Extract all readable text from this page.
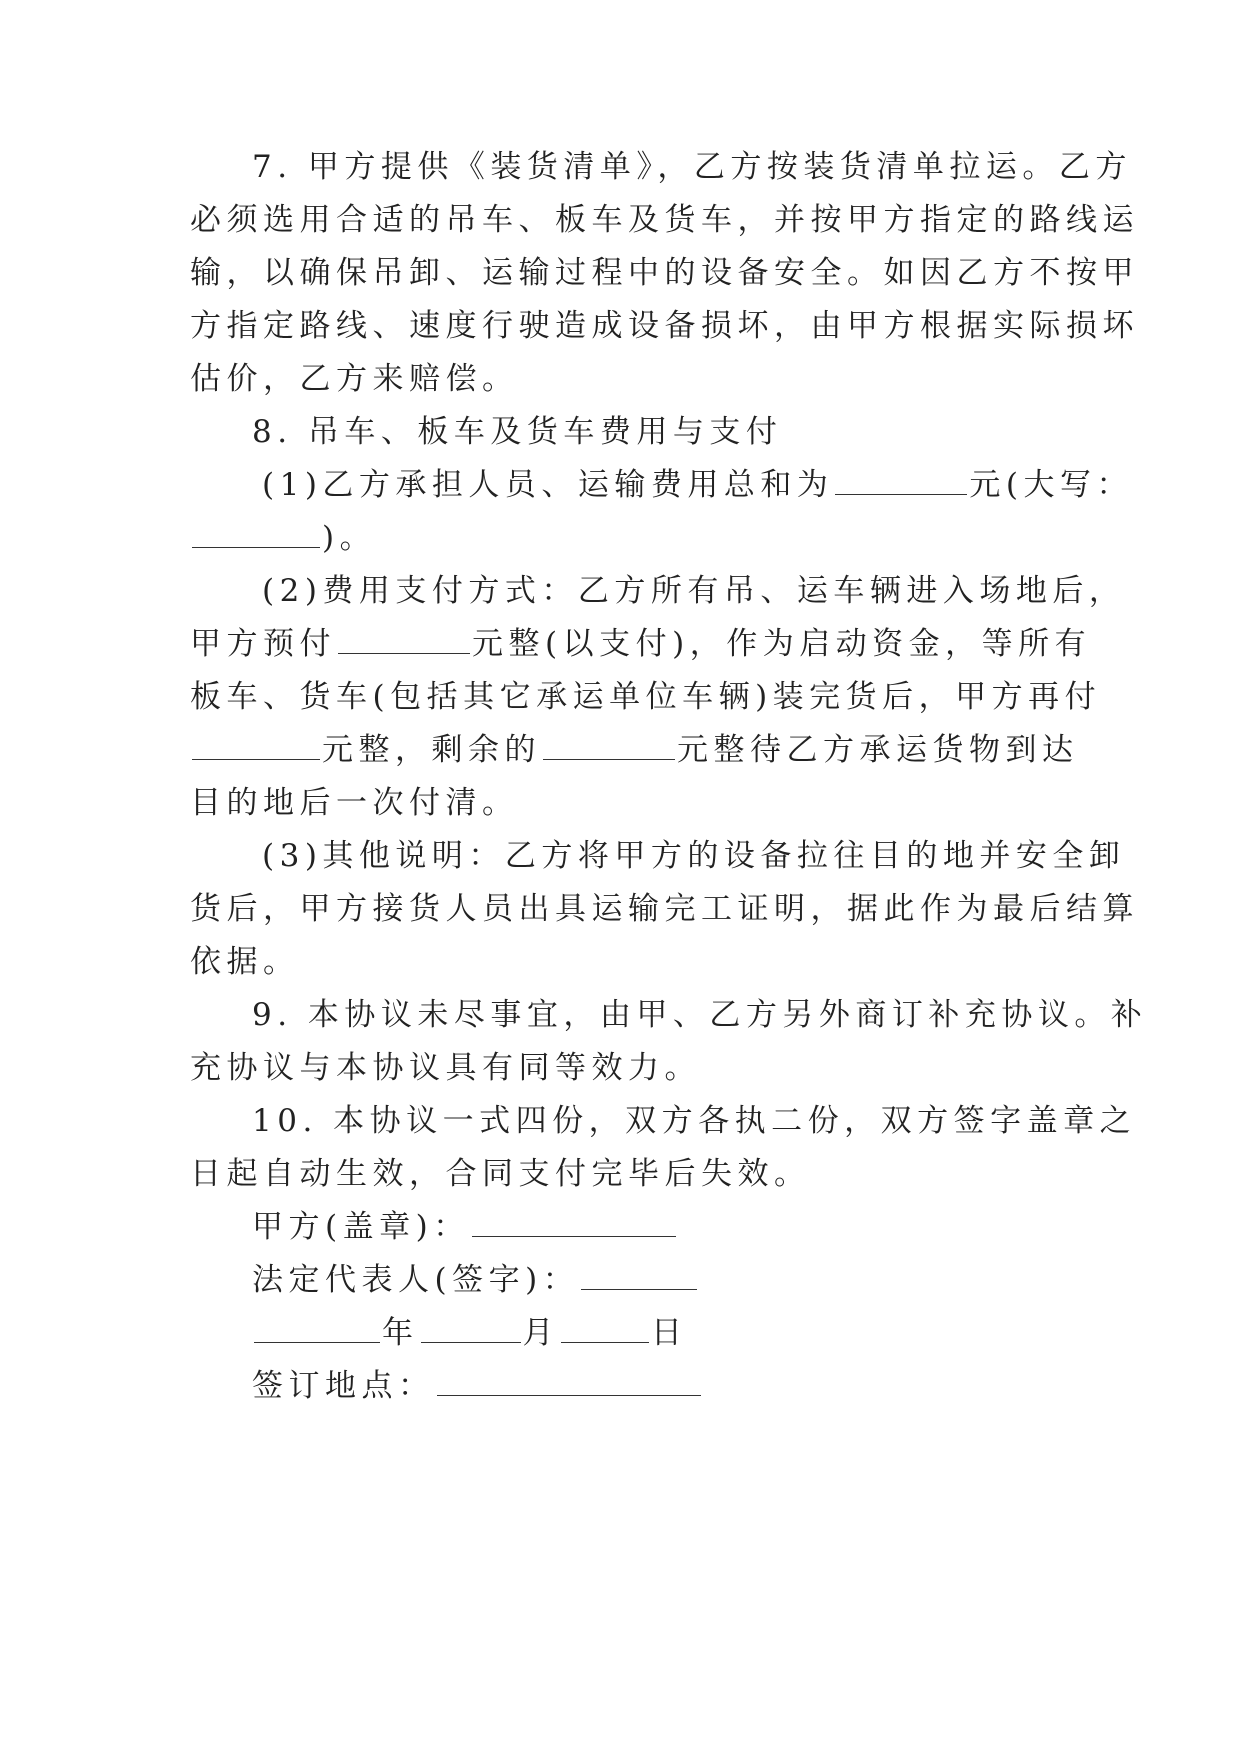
7. 甲方提供《装货清单》，乙方按装货清单拉运。乙方
必须选用合适的吊车、板车及货车，并按甲方指定的路线运
输，以确保吊卸、运输过程中的设备安全。如因乙方不按甲
方指定路线、速度行驶造成设备损坏，由甲方根据实际损坏
估价，乙方来赔偿。
8. 吊车、板车及货车费用与支付
(1)乙方承担人员、运输费用总和为	元(大写：
)。
(2)费用支付方式：乙方所有吊、运车辆进入场地后，
甲方预付	元整(以支付)，作为启动资金，等所有
板车、货车(包括其它承运单位车辆)装完货后，甲方再付
元整，剩余的	元整待乙方承运货物到达
目的地后一次付清。
(3)其他说明：乙方将甲方的设备拉往目的地并安全卸
货后，甲方接货人员出具运输完工证明，据此作为最后结算
依据。
9. 本协议未尽事宜，由甲、乙方另外商订补充协议。补
充协议与本协议具有同等效力。
10. 本协议一式四份，双方各执二份，双方签字盖章之
日起自动生效，合同支付完毕后失效。
甲方(盖章)：
法定代表人(签字)：
年	月	日
签订地点：
